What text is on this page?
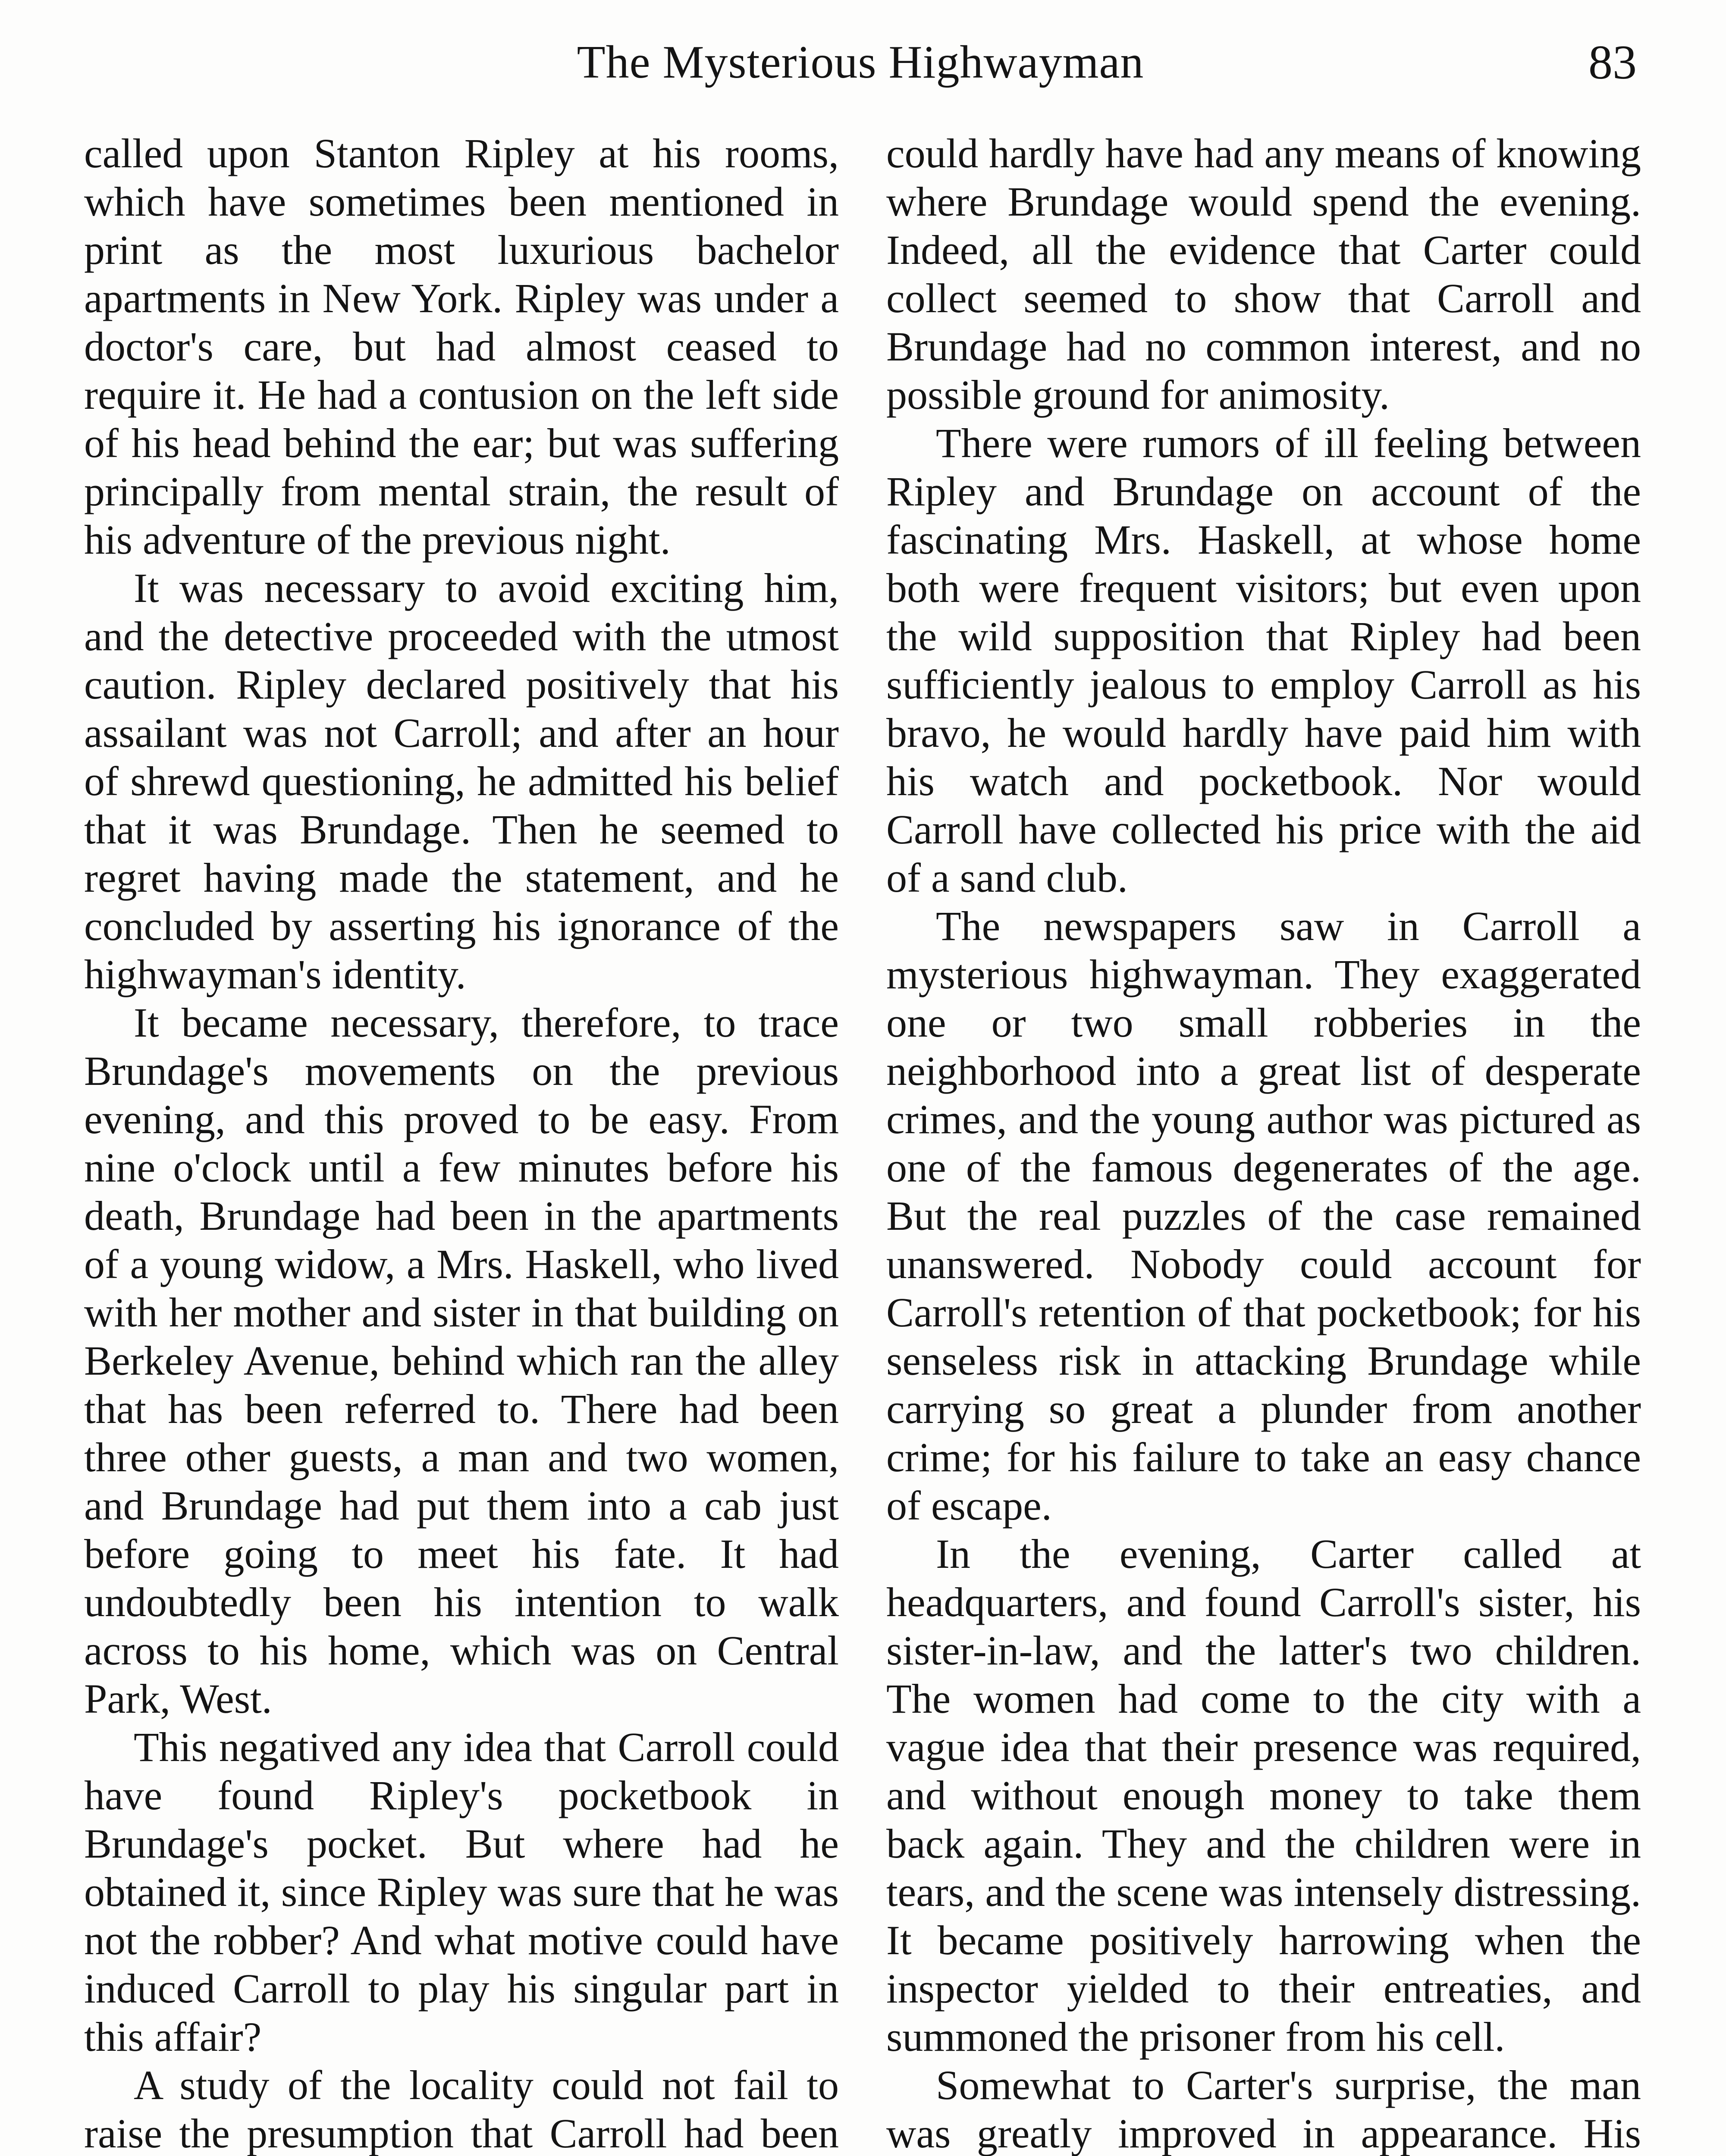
The Mysterious Highwayman	83

called upon Stanton Ripley at his rooms, which have sometimes been mentioned in print as the most luxurious bachelor apartments in New York. Ripley was under a doctor's care, but had almost ceased to require it. He had a contusion on the left side of his head behind the ear; but was suffering principally from mental strain, the result of his adventure of the previous night.

It was necessary to avoid exciting him, and the detective proceeded with the utmost caution. Ripley declared positively that his assailant was not Carroll; and after an hour of shrewd questioning, he admitted his belief that it was Brundage. Then he seemed to regret having made the statement, and he concluded by asserting his ignorance of the highwayman's identity.

It became necessary, therefore, to trace Brundage's movements on the previous evening, and this proved to be easy. From nine o'clock until a few minutes before his death, Brundage had been in the apartments of a young widow, a Mrs. Haskell, who lived with her mother and sister in that building on Berkeley Avenue, behind which ran the alley that has been referred to. There had been three other guests, a man and two women, and Brundage had put them into a cab just before going to meet his fate. It had undoubtedly been his intention to walk across to his home, which was on Central Park, West.

This negatived any idea that Carroll could have found Ripley's pocketbook in Brundage's pocket. But where had he obtained it, since Ripley was sure that he was not the robber? And what motive could have induced Carroll to play his singular part in this affair?

A study of the locality could not fail to raise the presumption that Carroll had been

could hardly have had any means of knowing where Brundage would spend the evening. Indeed, all the evidence that Carter could collect seemed to show that Carroll and Brundage had no common interest, and no possible ground for animosity.

There were rumors of ill feeling between Ripley and Brundage on account of the fascinating Mrs. Haskell, at whose home both were frequent visitors; but even upon the wild supposition that Ripley had been sufficiently jealous to employ Carroll as his bravo, he would hardly have paid him with his watch and pocketbook. Nor would Carroll have collected his price with the aid of a sand club.

The newspapers saw in Carroll a mysterious highwayman. They exaggerated one or two small robberies in the neighborhood into a great list of desperate crimes, and the young author was pictured as one of the famous degenerates of the age. But the real puzzles of the case remained unanswered. Nobody could account for Carroll's retention of that pocketbook; for his senseless risk in attacking Brundage while carrying so great a plunder from another crime; for his failure to take an easy chance of escape.

In the evening, Carter called at headquarters, and found Carroll's sister, his sister-in-law, and the latter's two children. The women had come to the city with a vague idea that their presence was required, and without enough money to take them back again. They and the children were in tears, and the scene was intensely distressing. It became positively harrowing when the inspector yielded to their entreaties, and summoned the prisoner from his cell.

Somewhat to Carter's surprise, the man was greatly improved in appearance. His
